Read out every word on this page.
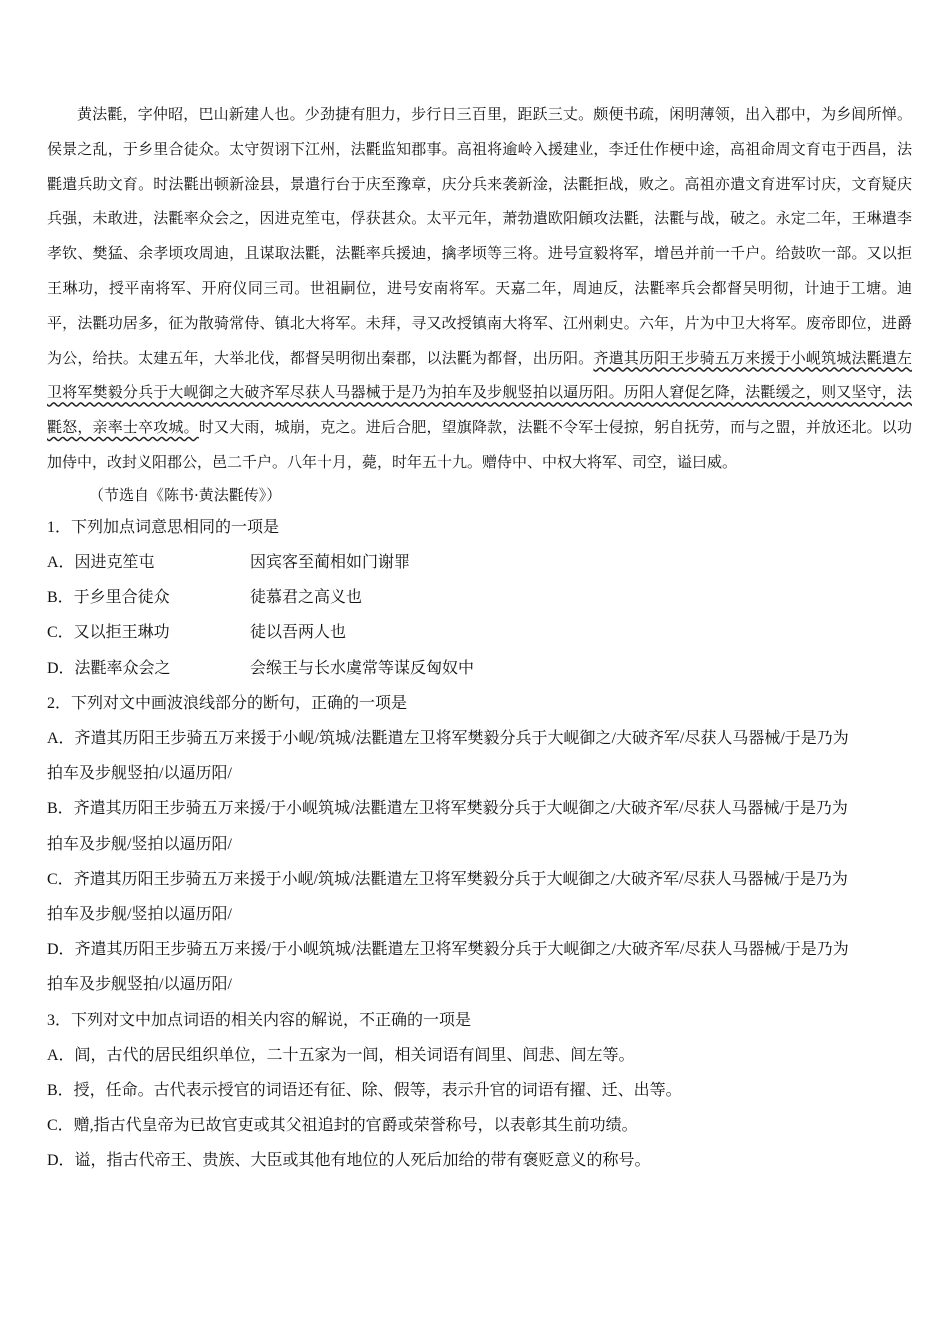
黄法氍，字仲昭，巴山新建人也。少劲捷有胆力，步行日三百里，距跃三丈。颇便书疏，闲明薄领，出入郡中，为乡闾所惮。侯景之乱，于乡里合徒众。太守贺诩下江州，法氍监知郡事。高祖将逾岭入援建业，李迁仕作梗中途，高祖命周文育屯于西昌，法氍遣兵助文育。时法氍出顿新淦县，景遣行台于庆至豫章，庆分兵来袭新淦，法氍拒战，败之。高祖亦遣文育进军讨庆，文育疑庆兵强，未敢进，法氍率众会之，因进克笙屯，俘获甚众。太平元年，萧勃遣欧阳頠攻法氍，法氍与战，破之。永定二年，王琳遣李孝钦、樊猛、余孝顷攻周迪，且谋取法氍，法氍率兵援迪，擒孝顷等三将。进号宣毅将军，增邑并前一千户。给鼓吹一部。又以拒王琳功，授平南将军、开府仪同三司。世祖嗣位，进号安南将军。天嘉二年，周迪反，法氍率兵会都督吴明彻，计迪于工塘。迪平，法氍功居多，征为散骑常侍、镇北大将军。未拜，寻又改授镇南大将军、江州刺史。六年，片为中卫大将军。废帝即位，进爵为公，给扶。太建五年，大举北伐，都督吴明彻出秦郡，以法氍为都督，出历阳。齐遣其历阳王步骑五万来援于小岘筑城法氍遣左卫将军樊毅分兵于大岘御之大破齐军尽获人马器械于是乃为拍车及步舰竖拍以逼历阳。历阳人窘促乞降，法氍缓之，则又坚守，法氍怒，亲率士卒攻城。时又大雨，城崩，克之。进后合肥，望旗降款，法氍不令军士侵掠，躬自抚劳，而与之盟，并放还北。以功加侍中，改封义阳郡公，邑二千户。八年十月，薨，时年五十九。赠侍中、中权大将军、司空，谥曰威。

（节选自《陈书·黄法氍传》）

1．下列加点词意思相同的一项是

A．因进克笙屯	因宾客至蔺相如门谢罪
B．于乡里合徒众	徒慕君之高义也
C．又以拒王琳功	徒以吾两人也
D．法氍率众会之	会缑王与长水虞常等谋反匈奴中

2．下列对文中画波浪线部分的断句，正确的一项是

A．齐遣其历阳王步骑五万来援于小岘/筑城/法氍遣左卫将军樊毅分兵于大岘御之/大破齐军/尽获人马器械/于是乃为

拍车及步舰竖拍/以逼历阳/

B．齐遣其历阳王步骑五万来援/于小岘筑城/法氍遣左卫将军樊毅分兵于大岘御之/大破齐军/尽获人马器械/于是乃为

拍车及步舰/竖拍以逼历阳/

C．齐遣其历阳王步骑五万来援于小岘/筑城/法氍遣左卫将军樊毅分兵于大岘御之/大破齐军/尽获人马器械/于是乃为

拍车及步舰/竖拍以逼历阳/

D．齐遣其历阳王步骑五万来援/于小岘筑城/法氍遣左卫将军樊毅分兵于大岘御之/大破齐军/尽获人马器械/于是乃为

拍车及步舰竖拍/以逼历阳/

3．下列对文中加点词语的相关内容的解说，不正确的一项是

A．闾，古代的居民组织单位，二十五家为一闾，相关词语有闾里、闾悲、闾左等。

B．授，任命。古代表示授官的词语还有征、除、假等，表示升官的词语有擢、迁、出等。

C．赠,指古代皇帝为已故官吏或其父祖追封的官爵或荣誉称号，以表彰其生前功绩。

D．谥，指古代帝王、贵族、大臣或其他有地位的人死后加给的带有褒贬意义的称号。
